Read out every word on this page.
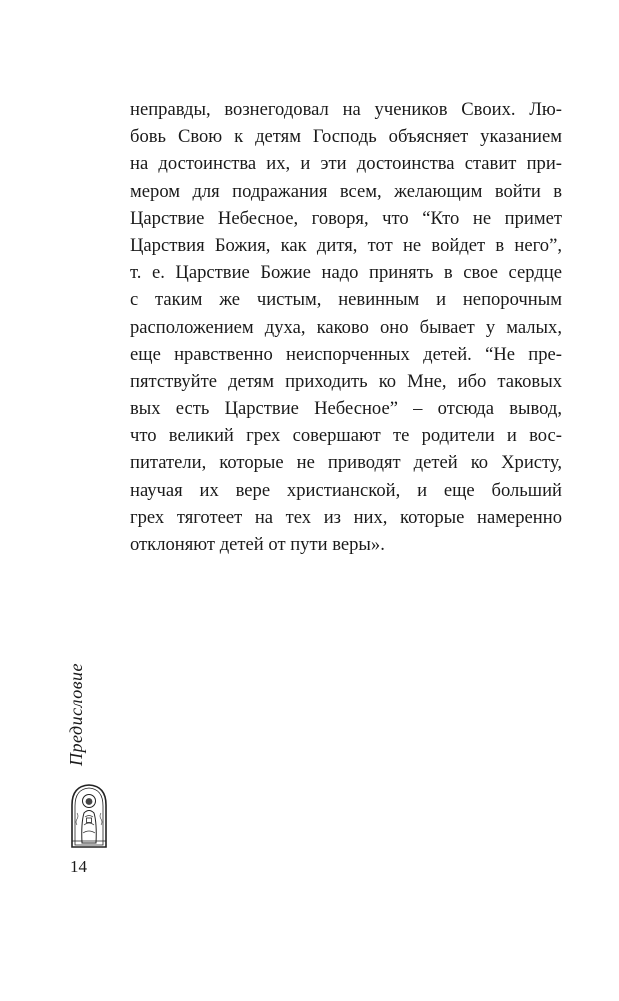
неправды, вознегодовал на учеников Своих. Лю-
бовь Свою к детям Господь объясняет указанием
на достоинства их, и эти достоинства ставит при-
мером для подражания всем, желающим войти в
Царствие Небесное, говоря, что “Кто не примет
Царствия Божия, как дитя, тот не войдет в него”,
т. е. Царствие Божие надо принять в свое сердце
с таким же чистым, невинным и непорочным
расположением духа, каково оно бывает у малых,
еще нравственно неиспорченных детей. “Не пре-
пятствуйте детям приходить ко Мне, ибо таковых
вых есть Царствие Небесное” – отсюда вывод,
что великий грех совершают те родители и вос-
питатели, которые не приводят детей ко Христу,
научая их вере христианской, и еще больший
грех тяготеет на тех из них, которые намеренно
отклоняют детей от пути веры».
Предисловие
14
